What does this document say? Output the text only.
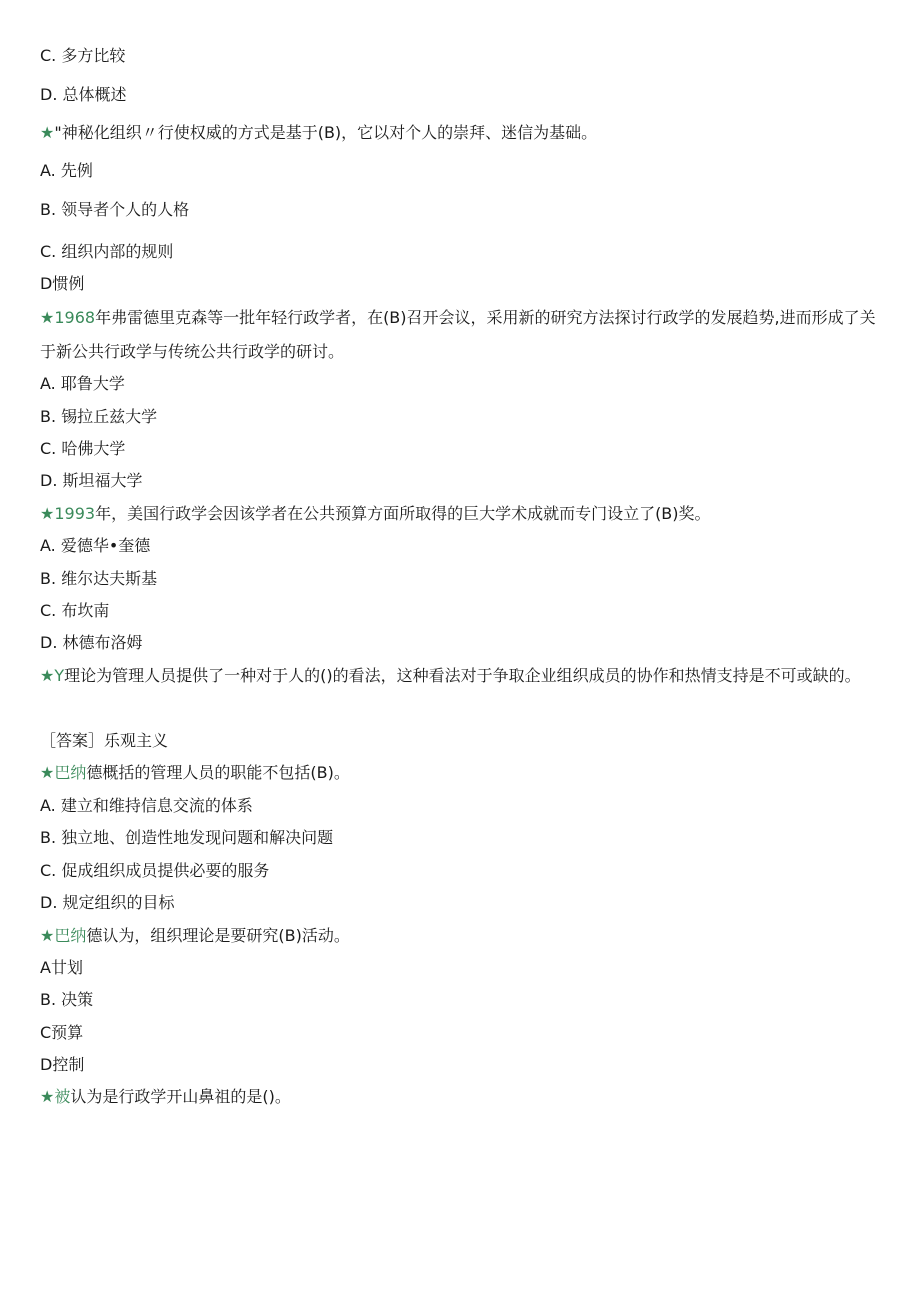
C. 多方比较
D. 总体概述
★"神秘化组织〃行使权威的方式是基于(B)，它以对个人的崇拜、迷信为基础。
A. 先例
B. 领导者个人的人格
C. 组织内部的规则
D惯例
★1968年弗雷德里克森等一批年轻行政学者，在(B)召开会议，采用新的研究方法探讨行政学的发展趋势,进而形成了关于新公共行政学与传统公共行政学的研讨。
A. 耶鲁大学
B. 锡拉丘兹大学
C. 哈佛大学
D. 斯坦福大学
★1993年，美国行政学会因该学者在公共预算方面所取得的巨大学术成就而专门设立了(B)奖。
A. 爱德华•奎德
B. 维尔达夫斯基
C. 布坎南
D. 林德布洛姆
★Y理论为管理人员提供了一种对于人的()的看法，这种看法对于争取企业组织成员的协作和热情支持是不可或缺的。
［答案］乐观主义
★巴纳德概括的管理人员的职能不包括(B)。
A. 建立和维持信息交流的体系
B. 独立地、创造性地发现问题和解决问题
C. 促成组织成员提供必要的服务
D. 规定组织的目标
★巴纳德认为，组织理论是要研究(B)活动。
A廿划
B. 决策
C预算
D控制
★被认为是行政学开山鼻祖的是()。
